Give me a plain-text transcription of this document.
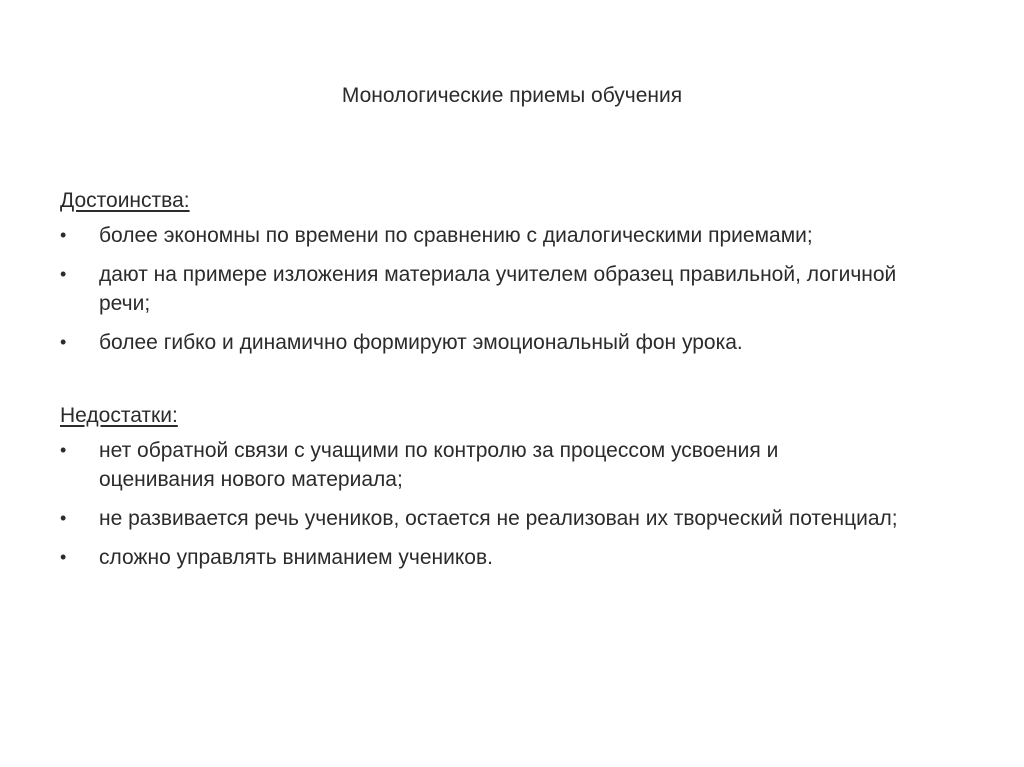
Монологические приемы обучения
Достоинства:
•	более экономны по времени по сравнению с диалогическими приемами;
•	дают на примере изложения материала учителем образец правильной, логичной речи;
•	более гибко и динамично формируют эмоциональный фон урока.
Недостатки:
•	нет обратной связи с учащими по контролю за процессом усвоения и оценивания нового материала;
•	не развивается речь учеников, остается не реализован их творческий потенциал;
•	сложно управлять вниманием учеников.
